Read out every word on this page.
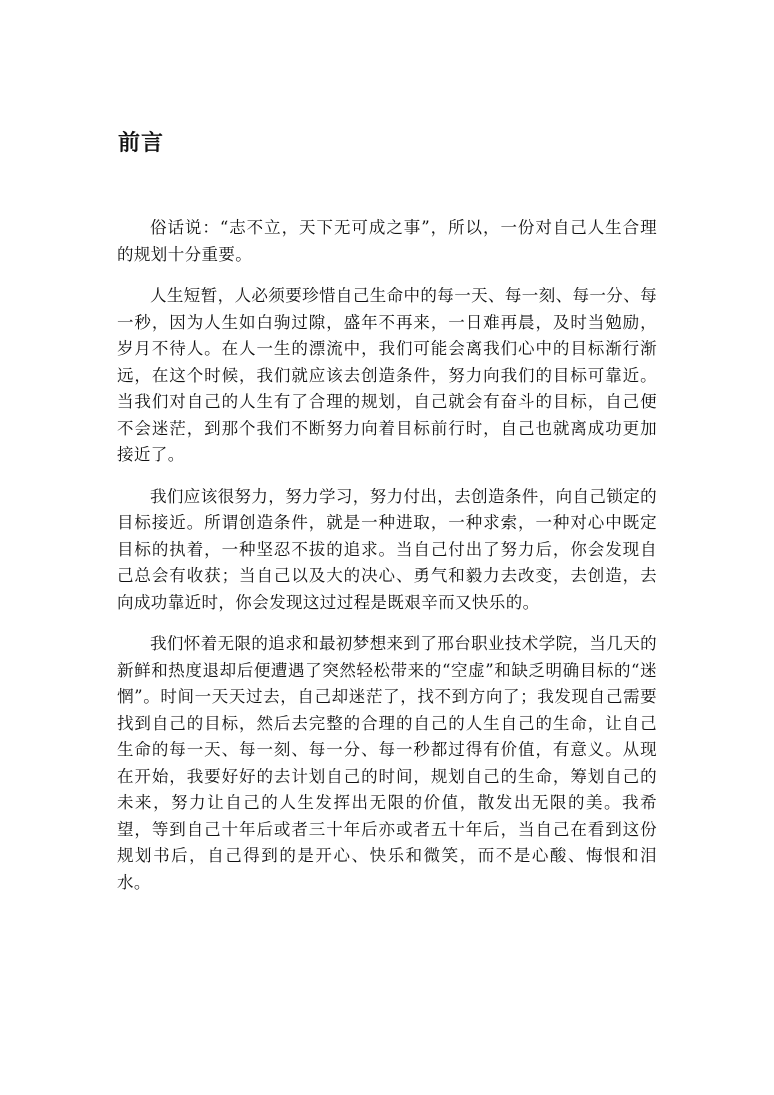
前言

俗话说：“志不立，天下无可成之事”，所以，一份对自己人生合理的规划十分重要。

人生短暂，人必须要珍惜自己生命中的每一天、每一刻、每一分、每一秒，因为人生如白驹过隙，盛年不再来，一日难再晨，及时当勉励，岁月不待人。在人一生的漂流中，我们可能会离我们心中的目标渐行渐远，在这个时候，我们就应该去创造条件，努力向我们的目标可靠近。当我们对自己的人生有了合理的规划，自己就会有奋斗的目标，自己便不会迷茫，到那个我们不断努力向着目标前行时，自己也就离成功更加接近了。

我们应该很努力，努力学习，努力付出，去创造条件，向自己锁定的目标接近。所谓创造条件，就是一种进取，一种求索，一种对心中既定目标的执着，一种坚忍不拔的追求。当自己付出了努力后，你会发现自己总会有收获；当自己以及大的决心、勇气和毅力去改变，去创造，去向成功靠近时，你会发现这过过程是既艰辛而又快乐的。

我们怀着无限的追求和最初梦想来到了邢台职业技术学院，当几天的新鲜和热度退却后便遭遇了突然轻松带来的“空虚”和缺乏明确目标的“迷惘”。时间一天天过去，自己却迷茫了，找不到方向了；我发现自己需要找到自己的目标，然后去完整的合理的自己的人生自己的生命，让自己生命的每一天、每一刻、每一分、每一秒都过得有价值，有意义。从现在开始，我要好好的去计划自己的时间，规划自己的生命，筹划自己的未来，努力让自己的人生发挥出无限的价值，散发出无限的美。我希望，等到自己十年后或者三十年后亦或者五十年后，当自己在看到这份规划书后，自己得到的是开心、快乐和微笑，而不是心酸、悔恨和泪水。
